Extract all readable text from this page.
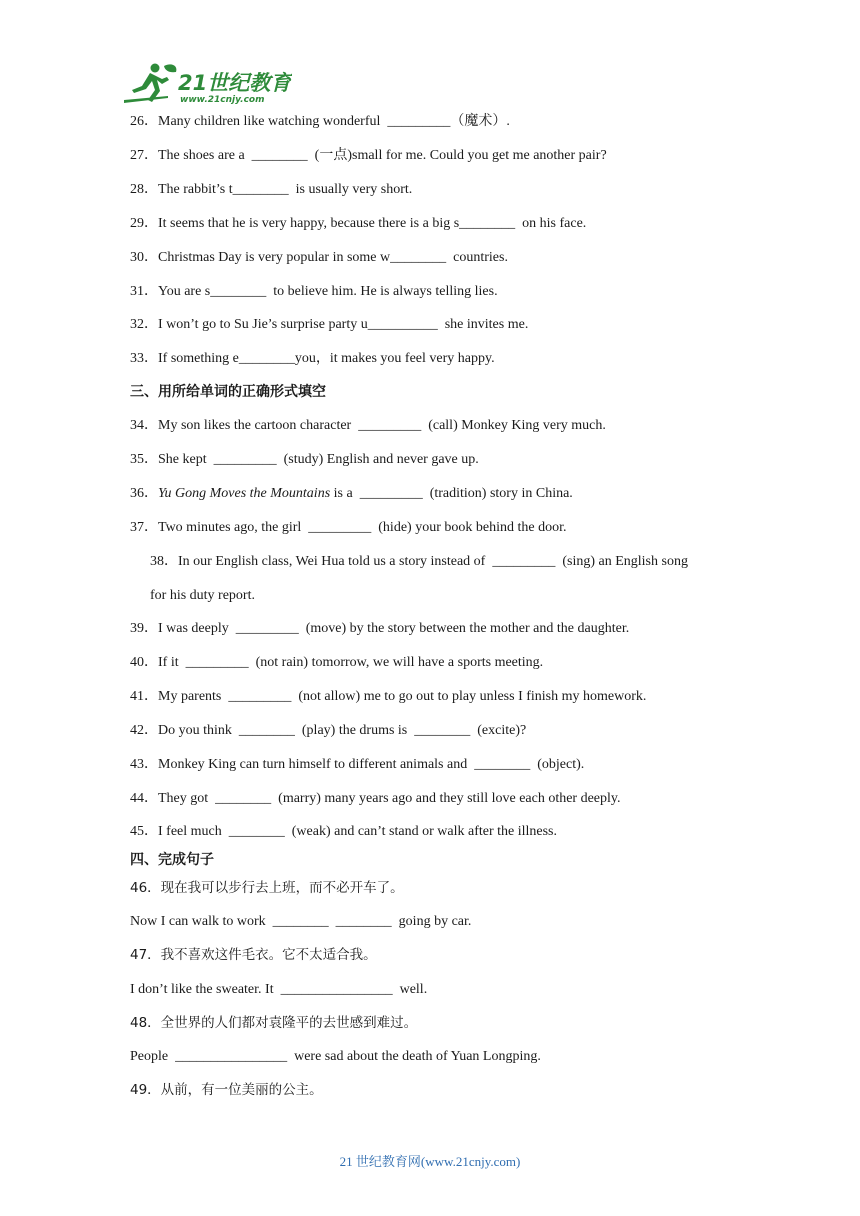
21世纪教育
www.21cnjy.com
26．Many children like watching wonderful  _________（魔术）.
27．The shoes are a  ________  (一点)small for me. Could you get me another pair?
28．The rabbit’s t________  is usually very short.
29．It seems that he is very happy, because there is a big s________  on his face.
30．Christmas Day is very popular in some w________  countries.
31．You are s________  to believe him. He is always telling lies.
32．I won’t go to Su Jie’s surprise party u__________  she invites me.
33．If something e________you，it makes you feel very happy.
三、用所给单词的正确形式填空
34．My son likes the cartoon character  _________  (call) Monkey King very much.
35．She kept  _________  (study) English and never gave up.
36．Yu Gong Moves the Mountains is a  _________  (tradition) story in China.
37．Two minutes ago, the girl  _________  (hide) your book behind the door.
38．In our English class, Wei Hua told us a story instead of  _________  (sing) an English song
for his duty report.
39．I was deeply  _________  (move) by the story between the mother and the daughter.
40．If it  _________  (not rain) tomorrow, we will have a sports meeting.
41．My parents  _________  (not allow) me to go out to play unless I finish my homework.
42．Do you think  ________  (play) the drums is  ________  (excite)?
43．Monkey King can turn himself to different animals and  ________  (object).
44．They got  ________  (marry) many years ago and they still love each other deeply.
45．I feel much  ________  (weak) and can’t stand or walk after the illness.
四、完成句子
46．现在我可以步行去上班，而不必开车了。
Now I can walk to work  ________  ________  going by car.
47．我不喜欢这件毛衣。它不太适合我。
I don’t like the sweater. It  ________________  well.
48．全世界的人们都对袁隆平的去世感到难过。
People  ________________  were sad about the death of Yuan Longping.
49．从前，有一位美丽的公主。
21 世纪教育网(www.21cnjy.com)
